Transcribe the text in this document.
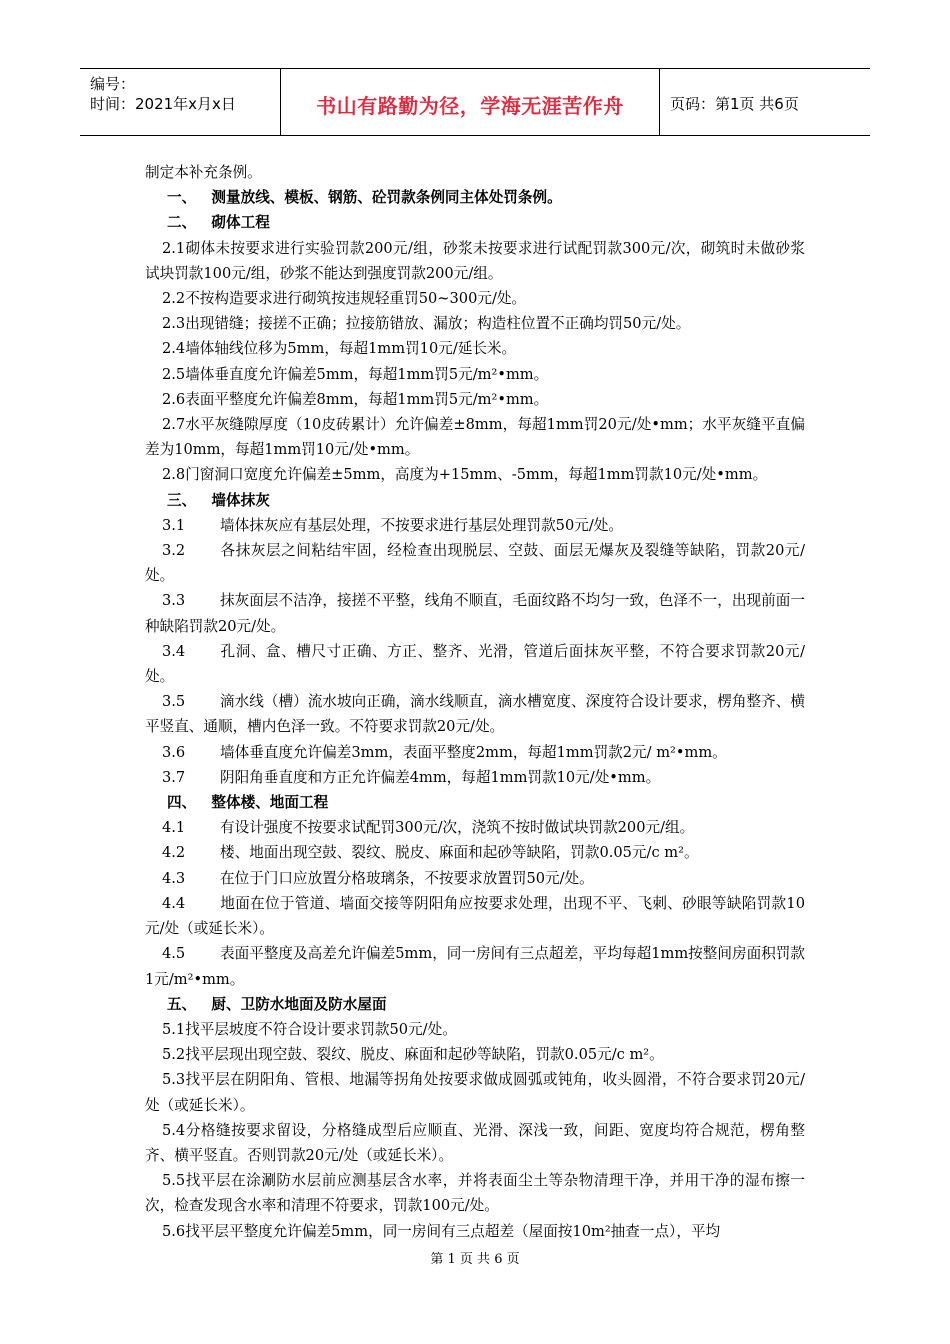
编号：
时间：2021年x月x日	书山有路勤为径，学海无涯苦作舟	页码：第1页 共6页

制定本补充条例。

一、   测量放线、模板、钢筋、砼罚款条例同主体处罚条例。

二、   砌体工程

2.1砌体未按要求进行实验罚款200元/组，砂浆未按要求进行试配罚款300元/次，砌筑时未做砂浆试块罚款100元/组，砂浆不能达到强度罚款200元/组。

2.2不按构造要求进行砌筑按违规轻重罚50~300元/处。

2.3出现错缝；接搓不正确；拉接筋错放、漏放；构造柱位置不正确均罚50元/处。

2.4墙体轴线位移为5mm，每超1mm罚10元/延长米。

2.5墙体垂直度允许偏差5mm，每超1mm罚5元/m²•mm。

2.6表面平整度允许偏差8mm，每超1mm罚5元/m²•mm。

2.7水平灰缝隙厚度（10皮砖累计）允许偏差±8mm，每超1mm罚20元/处•mm；水平灰缝平直偏差为10mm，每超1mm罚10元/处•mm。

2.8门窗洞口宽度允许偏差±5mm，高度为+15mm、-5mm，每超1mm罚款10元/处•mm。

三、   墙体抹灰

3.1 墙体抹灰应有基层处理，不按要求进行基层处理罚款50元/处。

3.2 各抹灰层之间粘结牢固，经检查出现脱层、空鼓、面层无爆灰及裂缝等缺陷，罚款20元/处。

3.3 抹灰面层不洁净，接搓不平整，线角不顺直，毛面纹路不均匀一致，色泽不一，出现前面一种缺陷罚款20元/处。

3.4 孔洞、盒、槽尺寸正确、方正、整齐、光滑，管道后面抹灰平整，不符合要求罚款20元/处。

3.5 滴水线（槽）流水坡向正确，滴水线顺直，滴水槽宽度、深度符合设计要求，楞角整齐、横平竖直、通顺，槽内色泽一致。不符要求罚款20元/处。

3.6 墙体垂直度允许偏差3mm，表面平整度2mm，每超1mm罚款2元/ m²•mm。

3.7 阴阳角垂直度和方正允许偏差4mm，每超1mm罚款10元/处•mm。

四、   整体楼、地面工程

4.1 有设计强度不按要求试配罚300元/次，浇筑不按时做试块罚款200元/组。

4.2 楼、地面出现空鼓、裂纹、脱皮、麻面和起砂等缺陷，罚款0.05元/c m²。

4.3 在位于门口应放置分格玻璃条，不按要求放置罚50元/处。

4.4 地面在位于管道、墙面交接等阴阳角应按要求处理，出现不平、飞刺、砂眼等缺陷罚款10元/处（或延长米）。

4.5 表面平整度及高差允许偏差5mm，同一房间有三点超差，平均每超1mm按整间房面积罚款1元/m²•mm。

五、   厨、卫防水地面及防水屋面

5.1找平层坡度不符合设计要求罚款50元/处。

5.2找平层现出现空鼓、裂纹、脱皮、麻面和起砂等缺陷，罚款0.05元/c m²。

5.3找平层在阴阳角、管根、地漏等拐角处按要求做成圆弧或钝角，收头圆滑，不符合要求罚20元/处（或延长米）。

5.4分格缝按要求留设，分格缝成型后应顺直、光滑、深浅一致，间距、宽度均符合规范，楞角整齐、横平竖直。否则罚款20元/处（或延长米）。

5.5找平层在涂涮防水层前应测基层含水率，并将表面尘土等杂物清理干净，并用干净的湿布擦一次，检查发现含水率和清理不符要求，罚款100元/处。

5.6找平层平整度允许偏差5mm，同一房间有三点超差（屋面按10m²抽查一点），平均

第 1 页 共 6 页
